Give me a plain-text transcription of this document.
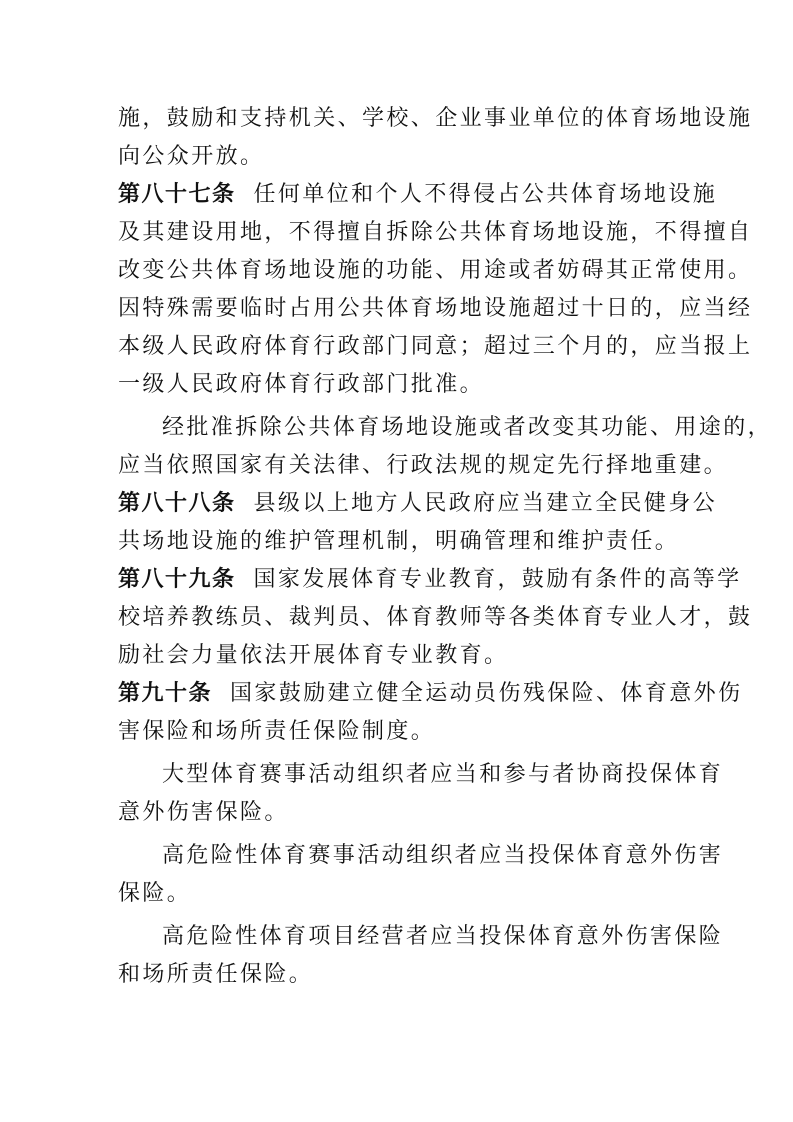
施，鼓励和支持机关、学校、企业事业单位的体育场地设施
向公众开放。
第八十七条 任何单位和个人不得侵占公共体育场地设施
及其建设用地，不得擅自拆除公共体育场地设施，不得擅自
改变公共体育场地设施的功能、用途或者妨碍其正常使用。
因特殊需要临时占用公共体育场地设施超过十日的，应当经
本级人民政府体育行政部门同意；超过三个月的，应当报上
一级人民政府体育行政部门批准。
经批准拆除公共体育场地设施或者改变其功能、用途的，
应当依照国家有关法律、行政法规的规定先行择地重建。
第八十八条 县级以上地方人民政府应当建立全民健身公
共场地设施的维护管理机制，明确管理和维护责任。
第八十九条 国家发展体育专业教育，鼓励有条件的高等学
校培养教练员、裁判员、体育教师等各类体育专业人才，鼓
励社会力量依法开展体育专业教育。
第九十条 国家鼓励建立健全运动员伤残保险、体育意外伤
害保险和场所责任保险制度。
大型体育赛事活动组织者应当和参与者协商投保体育
意外伤害保险。
高危险性体育赛事活动组织者应当投保体育意外伤害
保险。
高危险性体育项目经营者应当投保体育意外伤害保险
和场所责任保险。
